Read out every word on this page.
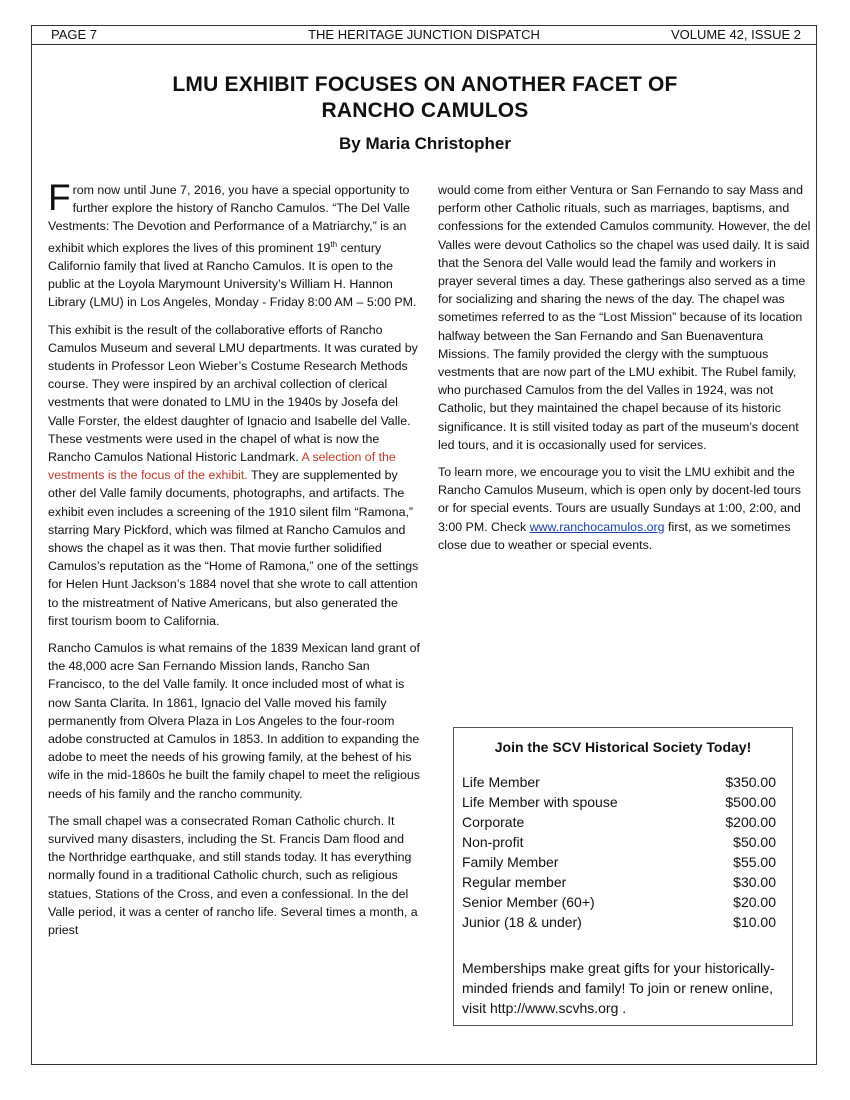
PAGE 7	THE HERITAGE JUNCTION DISPATCH	VOLUME 42, ISSUE 2
LMU EXHIBIT FOCUSES ON ANOTHER FACET OF
RANCHO CAMULOS
By Maria Christopher

From now until June 7, 2016, you have a special opportunity to further explore the history of Rancho Camulos. “The Del Valle Vestments: The Devotion and Performance of a Matriarchy,” is an exhibit which explores the lives of this prominent 19th century Californio family that lived at Rancho Camulos. It is open to the public at the Loyola Marymount University’s William H. Hannon Library (LMU) in Los Angeles, Monday - Friday 8:00 AM – 5:00 PM.

This exhibit is the result of the collaborative efforts of Rancho Camulos Museum and several LMU departments. It was curated by students in Professor Leon Wieber’s Costume Research Methods course. They were inspired by an archival collection of clerical vestments that were donated to LMU in the 1940s by Josefa del Valle Forster, the eldest daughter of Ignacio and Isabelle del Valle. These vestments were used in the chapel of what is now the Rancho Camulos National Historic Landmark. A selection of the vestments is the focus of the exhibit. They are supplemented by other del Valle family documents, photographs, and artifacts. The exhibit even includes a screening of the 1910 silent film “Ramona,” starring Mary Pickford, which was filmed at Rancho Camulos and shows the chapel as it was then. That movie further solidified Camulos’s reputation as the “Home of Ramona,” one of the settings for Helen Hunt Jackson’s 1884 novel that she wrote to call attention to the mistreatment of Native Americans, but also generated the first tourism boom to California.

Rancho Camulos is what remains of the 1839 Mexican land grant of the 48,000 acre San Fernando Mission lands, Rancho San Francisco, to the del Valle family. It once included most of what is now Santa Clarita. In 1861, Ignacio del Valle moved his family permanently from Olvera Plaza in Los Angeles to the four-room adobe constructed at Camulos in 1853. In addition to expanding the adobe to meet the needs of his growing family, at the behest of his wife in the mid-1860s he built the family chapel to meet the religious needs of his family and the rancho community.

The small chapel was a consecrated Roman Catholic church. It survived many disasters, including the St. Francis Dam flood and the Northridge earthquake, and still stands today. It has everything normally found in a traditional Catholic church, such as religious statues, Stations of the Cross, and even a confessional. In the del Valle period, it was a center of rancho life. Several times a month, a priest

would come from either Ventura or San Fernando to say Mass and perform other Catholic rituals, such as marriages, baptisms, and confessions for the extended Camulos community. However, the del Valles were devout Catholics so the chapel was used daily. It is said that the Senora del Valle would lead the family and workers in prayer several times a day. These gatherings also served as a time for socializing and sharing the news of the day. The chapel was sometimes referred to as the “Lost Mission” because of its location halfway between the San Fernando and San Buenaventura Missions. The family provided the clergy with the sumptuous vestments that are now part of the LMU exhibit. The Rubel family, who purchased Camulos from the del Valles in 1924, was not Catholic, but they maintained the chapel because of its historic significance. It is still visited today as part of the museum’s docent led tours, and it is occasionally used for services.

To learn more, we encourage you to visit the LMU exhibit and the Rancho Camulos Museum, which is open only by docent-led tours or for special events. Tours are usually Sundays at 1:00, 2:00, and 3:00 PM. Check www.ranchocamulos.org first, as we sometimes close due to weather or special events.

Join the SCV Historical Society Today!
Life Member	$350.00
Life Member with spouse	$500.00
Corporate	$200.00
Non-profit	$50.00
Family Member	$55.00
Regular member	$30.00
Senior Member (60+)	$20.00
Junior (18 & under)	$10.00
Memberships make great gifts for your historically-minded friends and family! To join or renew online, visit http://www.scvhs.org .
